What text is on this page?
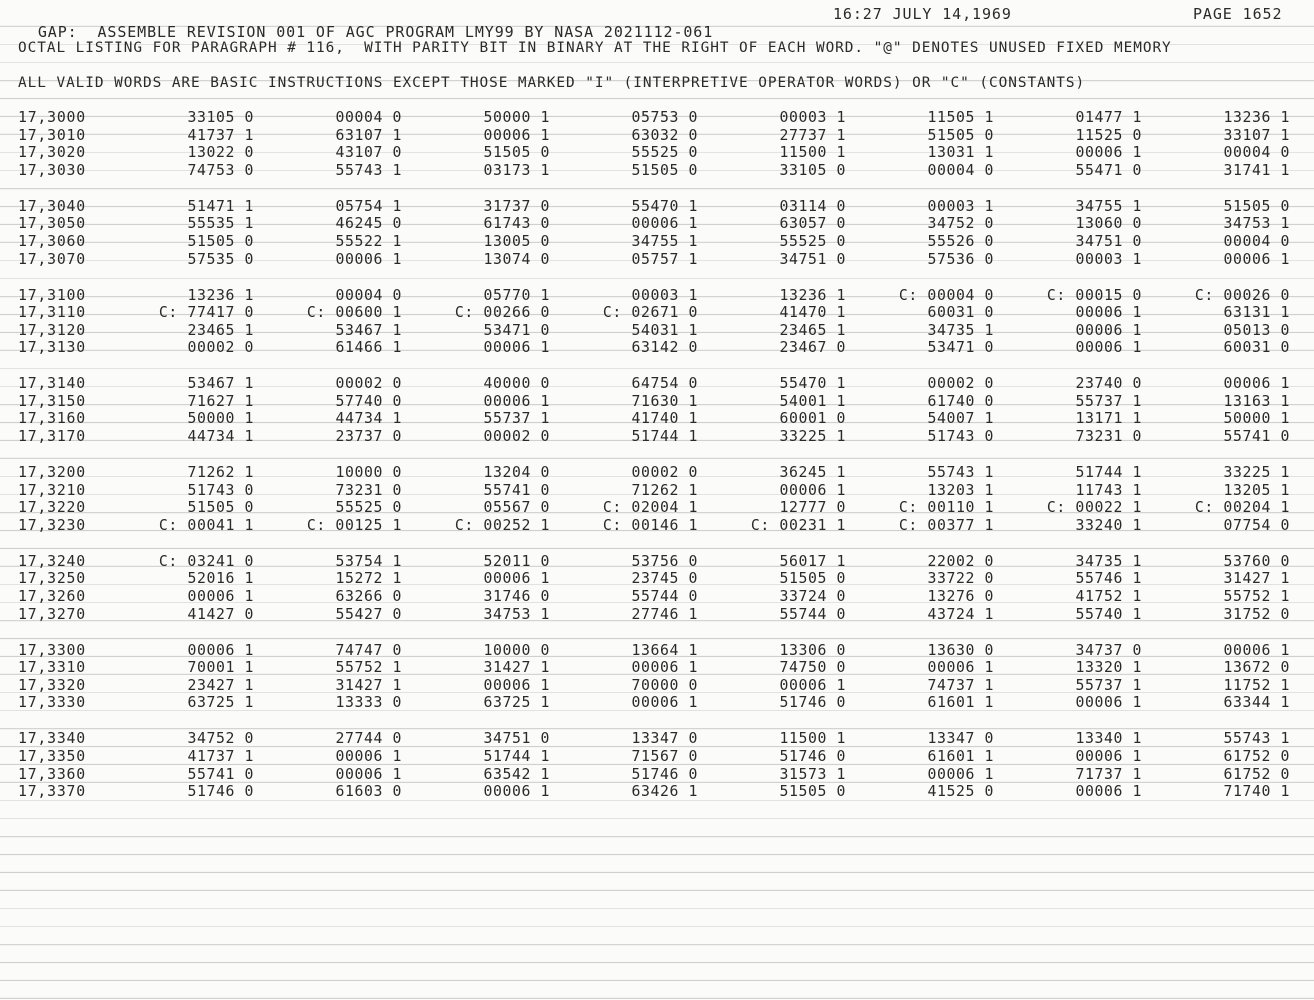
GAP:  ASSEMBLE REVISION 001 OF AGC PROGRAM LMY99 BY NASA 2021112-061

16:27 JULY 14,1969

	PAGE 1652

OCTAL LISTING FOR PARAGRAPH # 116,  WITH PARITY BIT IN BINARY AT THE RIGHT OF EACH WORD. "@" DENOTES UNUSED FIXED MEMORY
ALL VALID WORDS ARE BASIC INSTRUCTIONS EXCEPT THOSE MARKED "I" (INTERPRETIVE OPERATOR WORDS) OR "C" (CONSTANTS)
17,3000	33105 0	00004 0	50000 1	05753 0	00003 1	11505 1	01477 1	13236 1
17,3010	41737 1	63107 1	00006 1	63032 0	27737 1	51505 0	11525 0	33107 1
17,3020	13022 0	43107 0	51505 0	55525 0	11500 1	13031 1	00006 1	00004 0
17,3030	74753 0	55743 1	03173 1	51505 0	33105 0	00004 0	55471 0	31741 1
17,3040	51471 1	05754 1	31737 0	55470 1	03114 0	00003 1	34755 1	51505 0
17,3050	55535 1	46245 0	61743 0	00006 1	63057 0	34752 0	13060 0	34753 1
17,3060	51505 0	55522 1	13005 0	34755 1	55525 0	55526 0	34751 0	00004 0
17,3070	57535 0	00006 1	13074 0	05757 1	34751 0	57536 0	00003 1	00006 1
17,3100	13236 1	00004 0	05770 1	00003 1	13236 1	C: 00004 0	C: 00015 0	C: 00026 0
17,3110	C: 77417 0	C: 00600 1	C: 00266 0	C: 02671 0	41470 1	60031 0	00006 1	63131 1
17,3120	23465 1	53467 1	53471 0	54031 1	23465 1	34735 1	00006 1	05013 0
17,3130	00002 0	61466 1	00006 1	63142 0	23467 0	53471 0	00006 1	60031 0
17,3140	53467 1	00002 0	40000 0	64754 0	55470 1	00002 0	23740 0	00006 1
17,3150	71627 1	57740 0	00006 1	71630 1	54001 1	61740 0	55737 1	13163 1
17,3160	50000 1	44734 1	55737 1	41740 1	60001 0	54007 1	13171 1	50000 1
17,3170	44734 1	23737 0	00002 0	51744 1	33225 1	51743 0	73231 0	55741 0
17,3200	71262 1	10000 0	13204 0	00002 0	36245 1	55743 1	51744 1	33225 1
17,3210	51743 0	73231 0	55741 0	71262 1	00006 1	13203 1	11743 1	13205 1
17,3220	51505 0	55525 0	05567 0	C: 02004 1	12777 0	C: 00110 1	C: 00022 1	C: 00204 1
17,3230	C: 00041 1	C: 00125 1	C: 00252 1	C: 00146 1	C: 00231 1	C: 00377 1	33240 1	07754 0
17,3240	C: 03241 0	53754 1	52011 0	53756 0	56017 1	22002 0	34735 1	53760 0
17,3250	52016 1	15272 1	00006 1	23745 0	51505 0	33722 0	55746 1	31427 1
17,3260	00006 1	63266 0	31746 0	55744 0	33724 0	13276 0	41752 1	55752 1
17,3270	41427 0	55427 0	34753 1	27746 1	55744 0	43724 1	55740 1	31752 0
17,3300	00006 1	74747 0	10000 0	13664 1	13306 0	13630 0	34737 0	00006 1
17,3310	70001 1	55752 1	31427 1	00006 1	74750 0	00006 1	13320 1	13672 0
17,3320	23427 1	31427 1	00006 1	70000 0	00006 1	74737 1	55737 1	11752 1
17,3330	63725 1	13333 0	63725 1	00006 1	51746 0	61601 1	00006 1	63344 1
17,3340	34752 0	27744 0	34751 0	13347 0	11500 1	13347 0	13340 1	55743 1
17,3350	41737 1	00006 1	51744 1	71567 0	51746 0	61601 1	00006 1	61752 0
17,3360	55741 0	00006 1	63542 1	51746 0	31573 1	00006 1	71737 1	61752 0
17,3370	51746 0	61603 0	00006 1	63426 1	51505 0	41525 0	00006 1	71740 1
